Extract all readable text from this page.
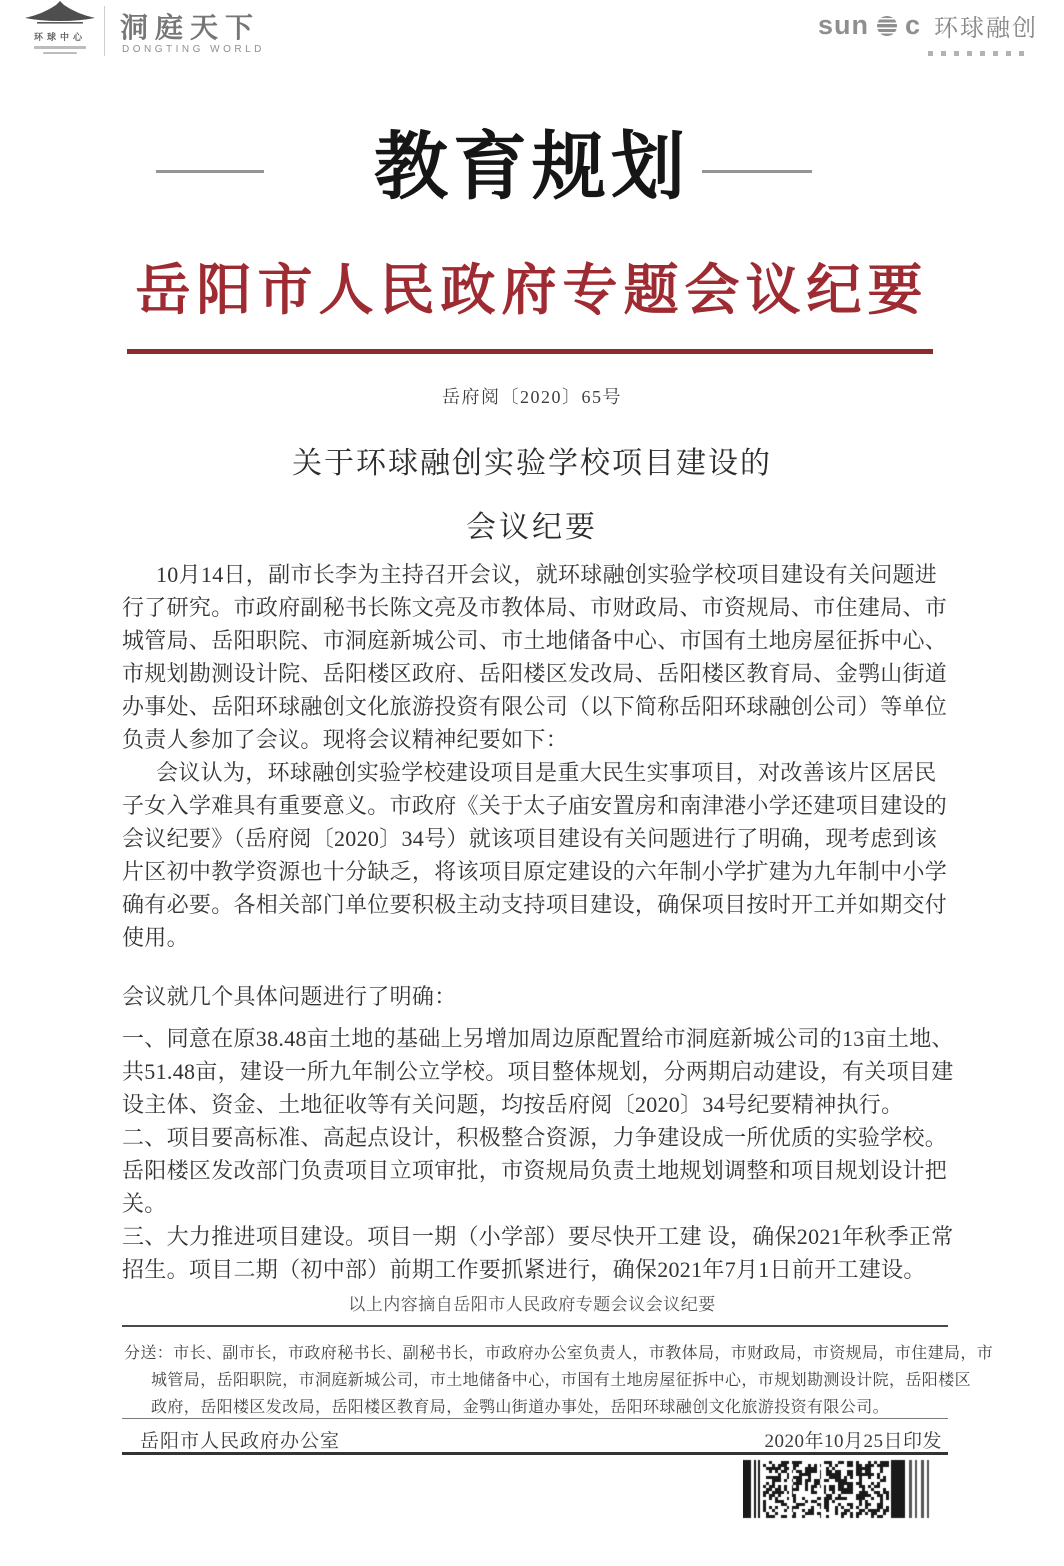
环球中心	洞庭天下
DONGTING WORLD
sun c 环球融创
教育规划
岳阳市人民政府专题会议纪要
岳府阅〔2020〕65号
关于环球融创实验学校项目建设的
会议纪要
10月14日，副市长李为主持召开会议，就环球融创实验学校项目建设有关问题进
行了研究。市政府副秘书长陈文亮及市教体局、市财政局、市资规局、市住建局、市
城管局、岳阳职院、市洞庭新城公司、市土地储备中心、市国有土地房屋征拆中心、
市规划勘测设计院、岳阳楼区政府、岳阳楼区发改局、岳阳楼区教育局、金鹗山街道
办事处、岳阳环球融创文化旅游投资有限公司（以下简称岳阳环球融创公司）等单位
负责人参加了会议。现将会议精神纪要如下：
会议认为，环球融创实验学校建设项目是重大民生实事项目，对改善该片区居民
子女入学难具有重要意义。市政府《关于太子庙安置房和南津港小学还建项目建设的
会议纪要》（岳府阅〔2020〕34号）就该项目建设有关问题进行了明确，现考虑到该
片区初中教学资源也十分缺乏，将该项目原定建设的六年制小学扩建为九年制中小学
确有必要。各相关部门单位要积极主动支持项目建设，确保项目按时开工并如期交付
使用。
会议就几个具体问题进行了明确：
一、同意在原38.48亩土地的基础上另增加周边原配置给市洞庭新城公司的13亩土地、
共51.48亩，建设一所九年制公立学校。项目整体规划，分两期启动建设，有关项目建
设主体、资金、土地征收等有关问题，均按岳府阅〔2020〕34号纪要精神执行。
二、项目要高标准、高起点设计，积极整合资源，力争建设成一所优质的实验学校。
岳阳楼区发改部门负责项目立项审批，市资规局负责土地规划调整和项目规划设计把
关。
三、大力推进项目建设。项目一期（小学部）要尽快开工建 设，确保2021年秋季正常
招生。项目二期（初中部）前期工作要抓紧进行，确保2021年7月1日前开工建设。
以上内容摘自岳阳市人民政府专题会议会议纪要
分送：市长、副市长，市政府秘书长、副秘书长，市政府办公室负责人，市教体局，市财政局，市资规局，市住建局，市
城管局，岳阳职院，市洞庭新城公司，市土地储备中心，市国有土地房屋征拆中心，市规划勘测设计院，岳阳楼区
政府，岳阳楼区发改局，岳阳楼区教育局，金鹗山街道办事处，岳阳环球融创文化旅游投资有限公司。
岳阳市人民政府办公室	2020年10月25日印发
